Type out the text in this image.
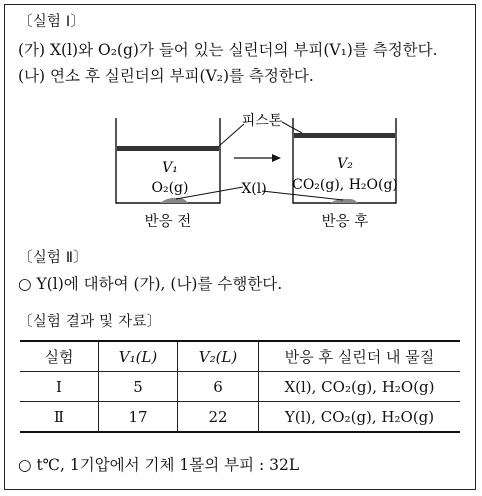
〔실험 Ⅰ〕
(가) X(l)와 O₂(g)가 들어 있는 실린더의 부피(V₁)를 측정한다.
(나) 연소 후 실린더의 부피(V₂)를 측정한다.
피스톤
V₁
O₂(g)
V₂
CO₂(g), H₂O(g)
X(l)
반응 전	반응 후
〔실험 Ⅱ〕
○ Y(l)에 대하여 (가), (나)를 수행한다.
〔실험 결과 및 자료〕
실험	V₁(L)	V₂(L)	반응 후 실린더 내 물질
Ⅰ	5	6	X(l), CO₂(g), H₂O(g)
Ⅱ	17	22	Y(l), CO₂(g), H₂O(g)
○ t℃, 1기압에서 기체 1몰의 부피 : 32L
